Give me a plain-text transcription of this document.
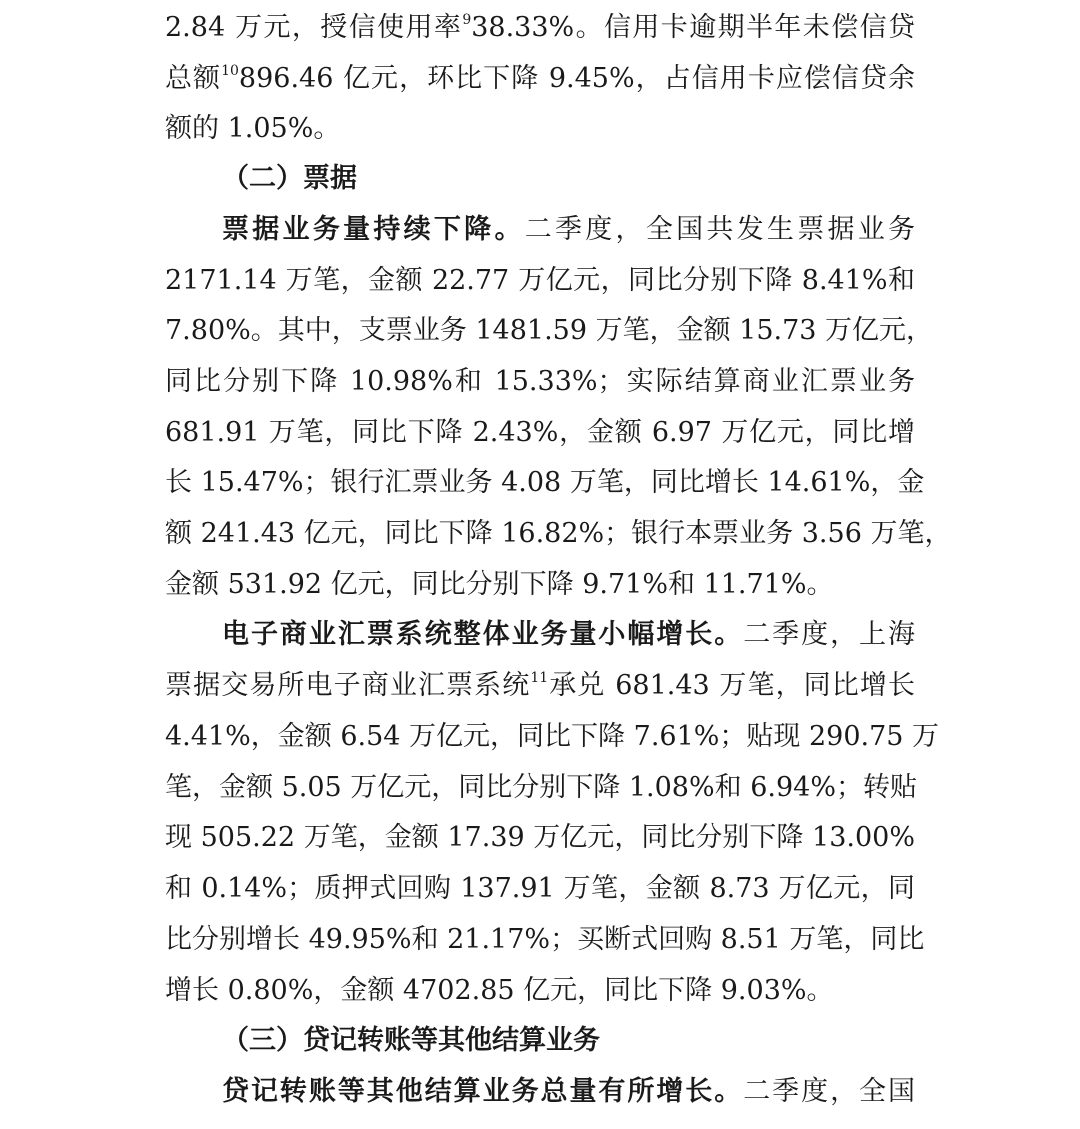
2.84 万元，授信使用率$^9$38.33%。信用卡逾期半年未偿信贷
总额$^{10}$896.46 亿元，环比下降 9.45%，占信用卡应偿信贷余
额的 1.05%。
（二）票据
票据业务量持续下降。二季度，全国共发生票据业务
2171.14 万笔，金额 22.77 万亿元，同比分别下降 8.41%和
7.80%。其中，支票业务 1481.59 万笔，金额 15.73 万亿元，
同比分别下降 10.98%和 15.33%；实际结算商业汇票业务
681.91 万笔，同比下降 2.43%，金额 6.97 万亿元，同比增
长 15.47%；银行汇票业务 4.08 万笔，同比增长 14.61%，金
额 241.43 亿元，同比下降 16.82%；银行本票业务 3.56 万笔，
金额 531.92 亿元，同比分别下降 9.71%和 11.71%。
电子商业汇票系统整体业务量小幅增长。二季度，上海
票据交易所电子商业汇票系统$^{11}$承兑 681.43 万笔，同比增长
4.41%，金额 6.54 万亿元，同比下降 7.61%；贴现 290.75 万
笔，金额 5.05 万亿元，同比分别下降 1.08%和 6.94%；转贴
现 505.22 万笔，金额 17.39 万亿元，同比分别下降 13.00%
和 0.14%；质押式回购 137.91 万笔，金额 8.73 万亿元，同
比分别增长 49.95%和 21.17%；买断式回购 8.51 万笔，同比
增长 0.80%，金额 4702.85 亿元，同比下降 9.03%。
（三）贷记转账等其他结算业务
贷记转账等其他结算业务总量有所增长。二季度，全国
